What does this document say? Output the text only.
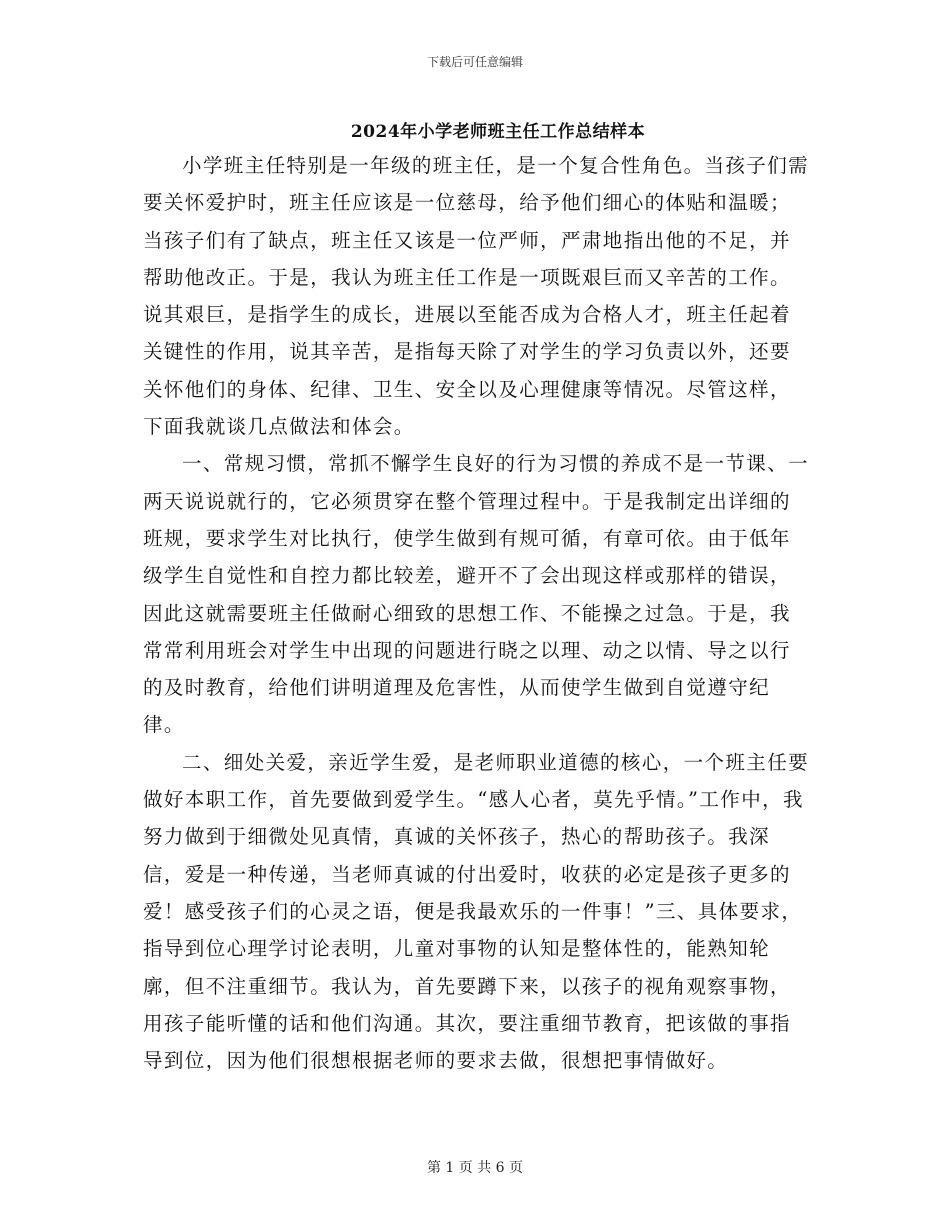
下载后可任意编辑
2024年小学老师班主任工作总结样本

小学班主任特别是一年级的班主任，是一个复合性角色。当孩子们需要关怀爱护时，班主任应该是一位慈母，给予他们细心的体贴和温暖；当孩子们有了缺点，班主任又该是一位严师，严肃地指出他的不足，并帮助他改正。于是，我认为班主任工作是一项既艰巨而又辛苦的工作。说其艰巨，是指学生的成长，进展以至能否成为合格人才，班主任起着关键性的作用，说其辛苦，是指每天除了对学生的学习负责以外，还要关怀他们的身体、纪律、卫生、安全以及心理健康等情况。尽管这样，下面我就谈几点做法和体会。

一、常规习惯，常抓不懈学生良好的行为习惯的养成不是一节课、一两天说说就行的，它必须贯穿在整个管理过程中。于是我制定出详细的班规，要求学生对比执行，使学生做到有规可循，有章可依。由于低年级学生自觉性和自控力都比较差，避开不了会出现这样或那样的错误，因此这就需要班主任做耐心细致的思想工作、不能操之过急。于是，我常常利用班会对学生中出现的问题进行晓之以理、动之以情、导之以行的及时教育，给他们讲明道理及危害性，从而使学生做到自觉遵守纪律。

二、细处关爱，亲近学生爱，是老师职业道德的核心，一个班主任要做好本职工作，首先要做到爱学生。“感人心者，莫先乎情。”工作中，我努力做到于细微处见真情，真诚的关怀孩子，热心的帮助孩子。我深信，爱是一种传递，当老师真诚的付出爱时，收获的必定是孩子更多的爱！感受孩子们的心灵之语，便是我最欢乐的一件事！”三、具体要求，指导到位心理学讨论表明，儿童对事物的认知是整体性的，能熟知轮廓，但不注重细节。我认为，首先要蹲下来，以孩子的视角观察事物，用孩子能听懂的话和他们沟通。其次，要注重细节教育，把该做的事指导到位，因为他们很想根据老师的要求去做，很想把事情做好。

第 1 页 共 6 页
